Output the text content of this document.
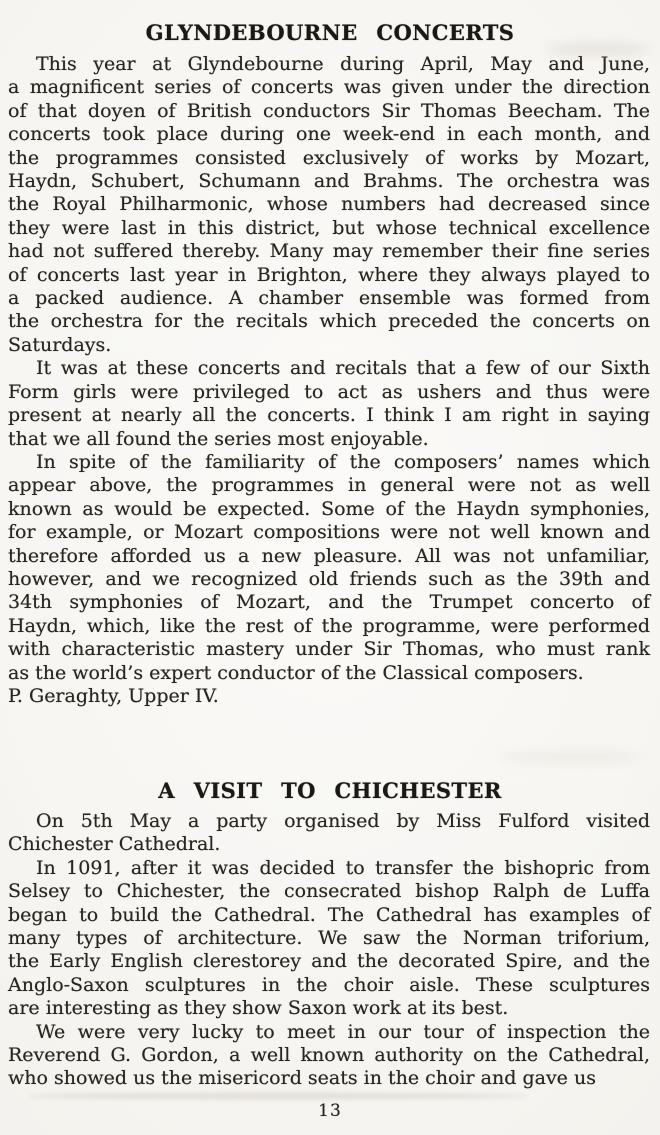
GLYNDEBOURNE CONCERTS
This year at Glyndebourne during April, May and June,
a magnificent series of concerts was given under the direction
of that doyen of British conductors Sir Thomas Beecham. The
concerts took place during one week-end in each month, and
the programmes consisted exclusively of works by Mozart,
Haydn, Schubert, Schumann and Brahms. The orchestra was
the Royal Philharmonic, whose numbers had decreased since
they were last in this district, but whose technical excellence
had not suffered thereby. Many may remember their fine series
of concerts last year in Brighton, where they always played to
a packed audience. A chamber ensemble was formed from
the orchestra for the recitals which preceded the concerts on
Saturdays.
It was at these concerts and recitals that a few of our Sixth
Form girls were privileged to act as ushers and thus were
present at nearly all the concerts. I think I am right in saying
that we all found the series most enjoyable.
In spite of the familiarity of the composers’ names which
appear above, the programmes in general were not as well
known as would be expected. Some of the Haydn symphonies,
for example, or Mozart compositions were not well known and
therefore afforded us a new pleasure. All was not unfamiliar,
however, and we recognized old friends such as the 39th and
34th symphonies of Mozart, and the Trumpet concerto of
Haydn, which, like the rest of the programme, were performed
with characteristic mastery under Sir Thomas, who must rank
as the world’s expert conductor of the Classical composers.
P. Geraghty, Upper IV.
A VISIT TO CHICHESTER
On 5th May a party organised by Miss Fulford visited
Chichester Cathedral.
In 1091, after it was decided to transfer the bishopric from
Selsey to Chichester, the consecrated bishop Ralph de Luffa
began to build the Cathedral. The Cathedral has examples of
many types of architecture. We saw the Norman triforium,
the Early English clerestorey and the decorated Spire, and the
Anglo-Saxon sculptures in the choir aisle. These sculptures
are interesting as they show Saxon work at its best.
We were very lucky to meet in our tour of inspection the
Reverend G. Gordon, a well known authority on the Cathedral,
who showed us the misericord seats in the choir and gave us
13
